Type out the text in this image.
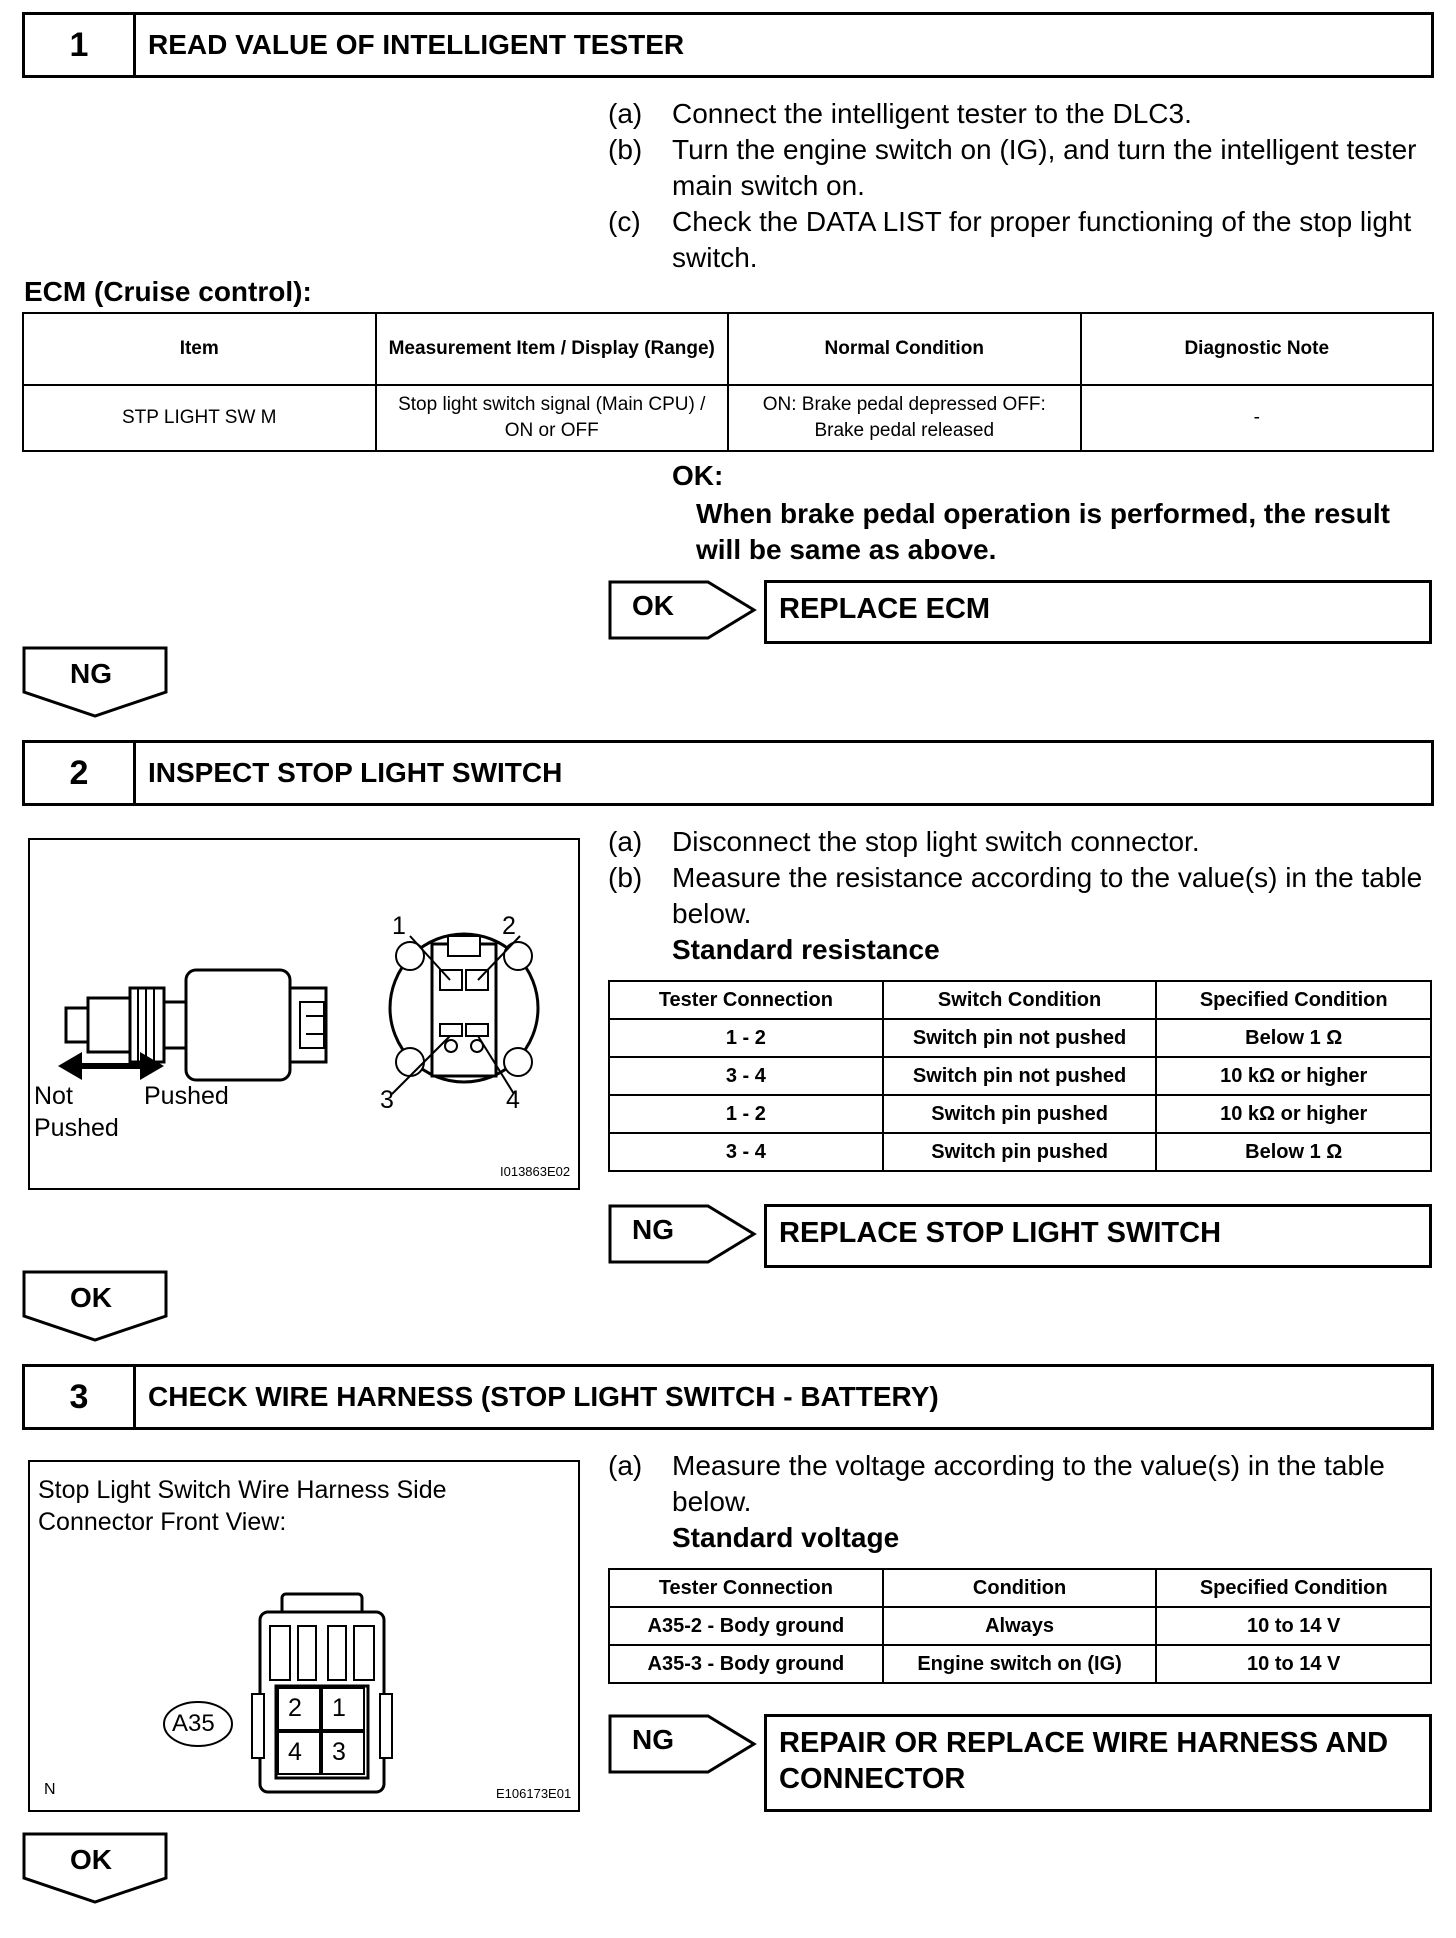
1	READ VALUE OF INTELLIGENT TESTER
(a)	Connect the intelligent tester to the DLC3.
(b)	Turn the engine switch on (IG), and turn the intelligent tester main switch on.
(c)	Check the DATA LIST for proper functioning of the stop light switch.
ECM (Cruise control):
Item	Measurement Item / Display (Range)	Normal Condition	Diagnostic Note
STP LIGHT SW M	Stop light switch signal (Main CPU) / ON or OFF	ON: Brake pedal depressed OFF: Brake pedal released	-
OK:
When brake pedal operation is performed, the result will be same as above.
OK	REPLACE ECM
NG
2	INSPECT STOP LIGHT SWITCH
(a)	Disconnect the stop light switch connector.
(b)	Measure the resistance according to the value(s) in the table below.
Standard resistance
1	2
3	4
Not
Pushed
Pushed
I013863E02
Tester Connection	Switch Condition	Specified Condition
1 - 2	Switch pin not pushed	Below 1 Ω
3 - 4	Switch pin not pushed	10 kΩ or higher
1 - 2	Switch pin pushed	10 kΩ or higher
3 - 4	Switch pin pushed	Below 1 Ω
NG	REPLACE STOP LIGHT SWITCH
OK
3	CHECK WIRE HARNESS (STOP LIGHT SWITCH - BATTERY)
(a)	Measure the voltage according to the value(s) in the table below.
Standard voltage
Stop Light Switch Wire Harness Side Connector Front View:
2 1
4 3
A35
N	E106173E01
Tester Connection	Condition	Specified Condition
A35-2 - Body ground	Always	10 to 14 V
A35-3 - Body ground	Engine switch on (IG)	10 to 14 V
NG	REPAIR OR REPLACE WIRE HARNESS AND CONNECTOR
OK
